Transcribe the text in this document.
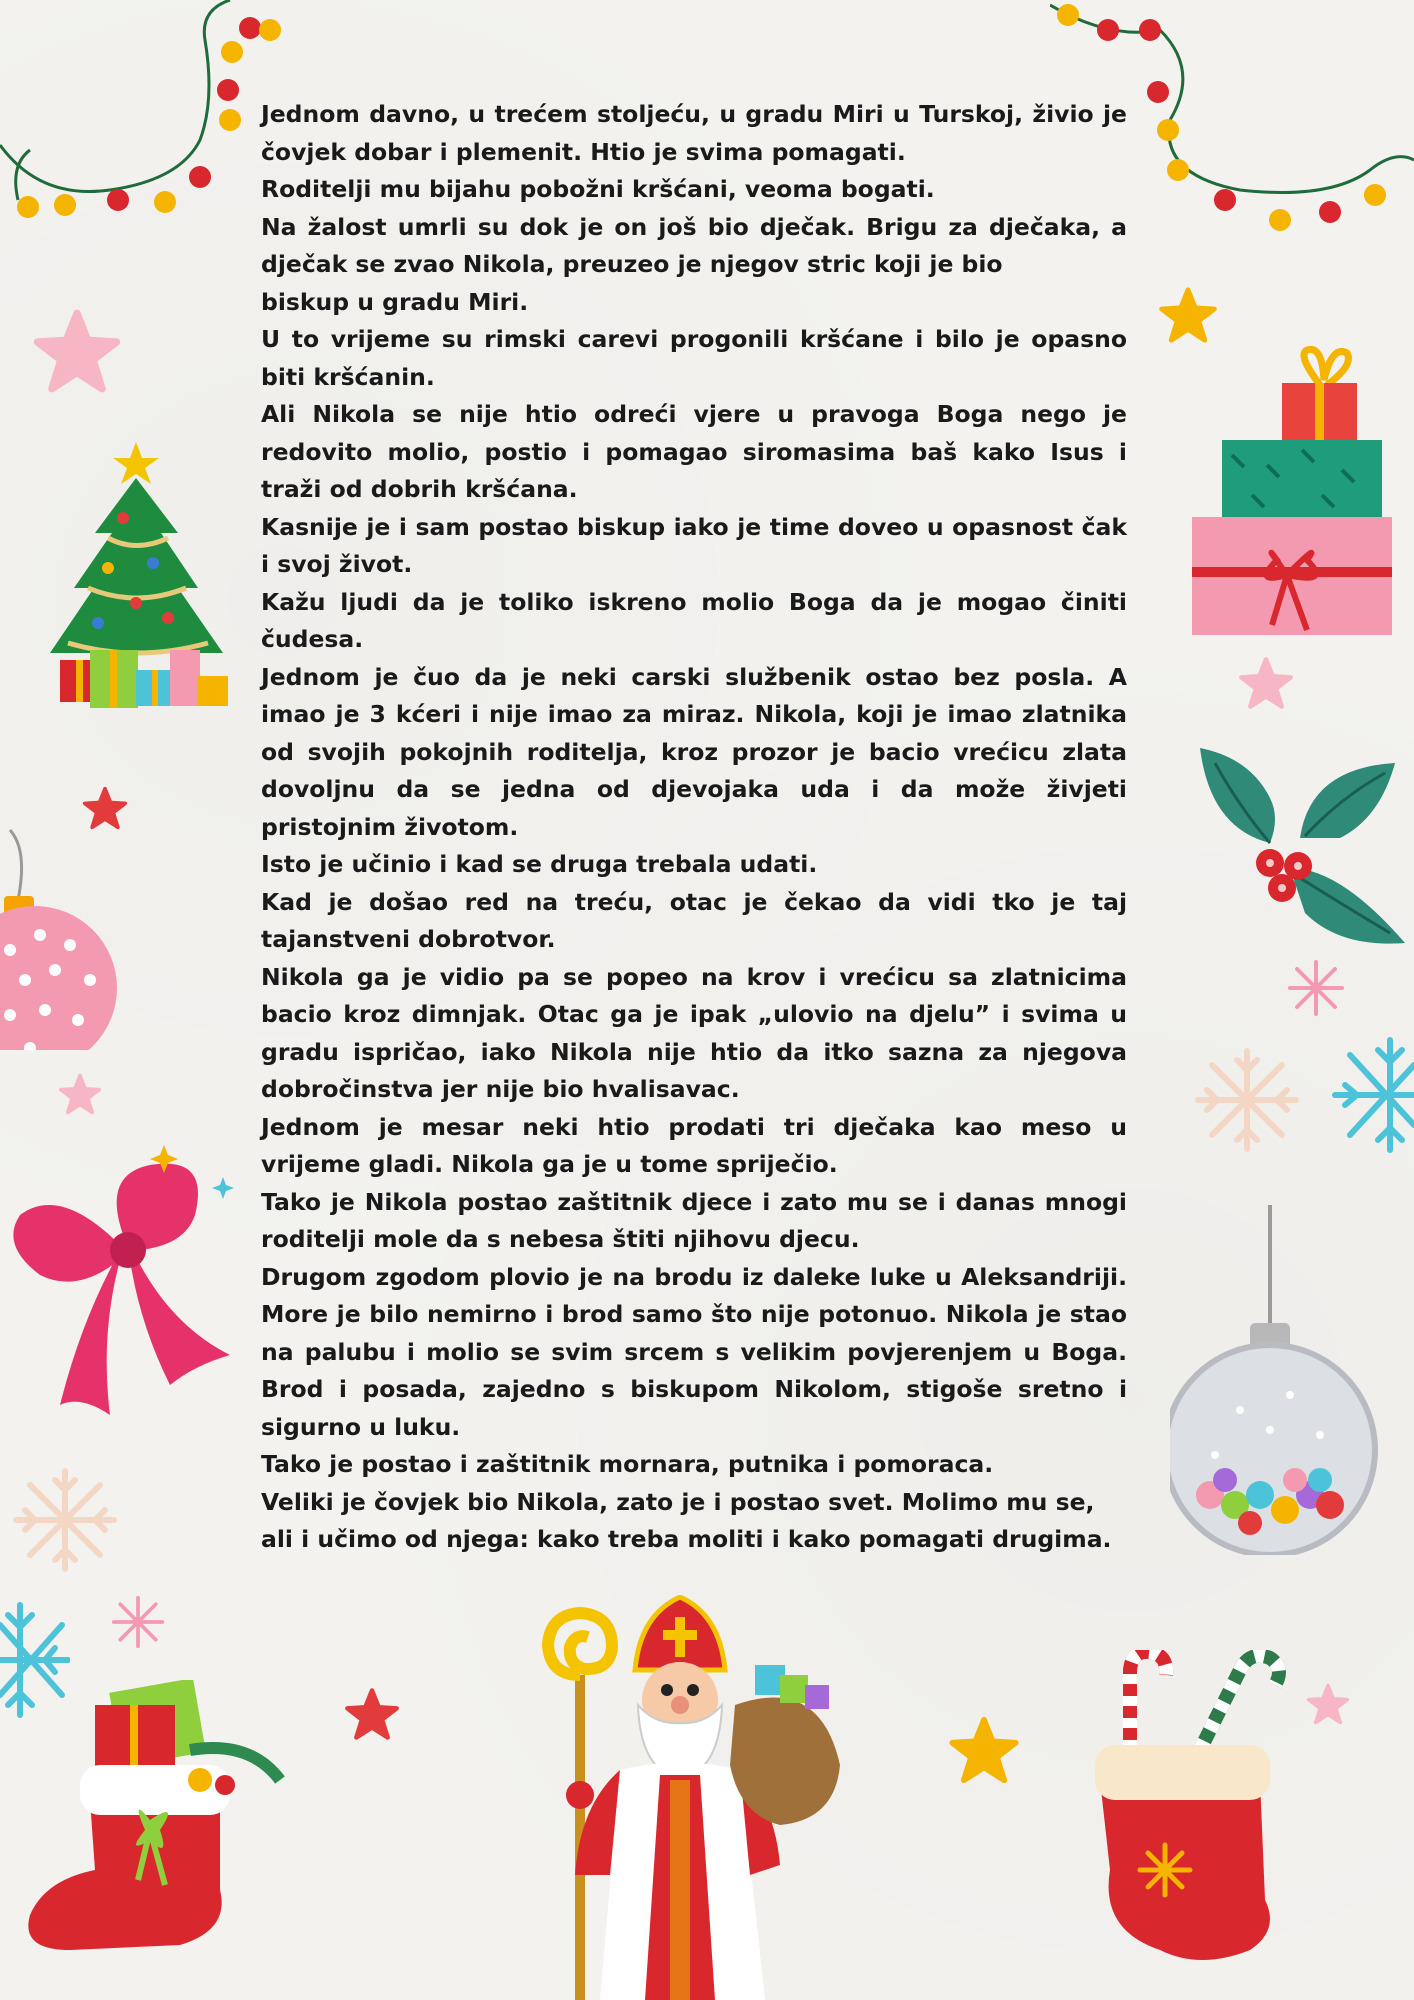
Jednom davno, u trećem stoljeću, u gradu Miri u Turskoj, živio je čovjek dobar i plemenit. Htio je svima pomagati.

Roditelji mu bijahu pobožni kršćani, veoma bogati.

Na žalost umrli su dok je on još bio dječak. Brigu za dječaka, a dječak se zvao Nikola, preuzeo je njegov stric koji je bio

biskup u gradu Miri.

U to vrijeme su rimski carevi progonili kršćane i bilo je opasno biti kršćanin.

Ali Nikola se nije htio odreći vjere u pravoga Boga nego je redovito molio, postio i pomagao siromasima baš kako Isus i traži od dobrih kršćana.

Kasnije je i sam postao biskup iako je time doveo u opasnost čak i svoj život.

Kažu ljudi da je toliko iskreno molio Boga da je mogao činiti čudesa.

Jednom je čuo da je neki carski službenik ostao bez posla. A imao je 3 kćeri i nije imao za miraz. Nikola, koji je imao zlatnika od svojih pokojnih roditelja, kroz prozor je bacio vrećicu zlata dovoljnu da se jedna od djevojaka uda i da može živjeti pristojnim životom.

Isto je učinio i kad se druga trebala udati.

Kad je došao red na treću, otac je čekao da vidi tko je taj tajanstveni dobrotvor.

Nikola ga je vidio pa se popeo na krov i vrećicu sa zlatnicima bacio kroz dimnjak. Otac ga je ipak „ulovio na djelu” i svima u gradu ispričao, iako Nikola nije htio da itko sazna za njegova dobročinstva jer nije bio hvalisavac.

Jednom je mesar neki htio prodati tri dječaka kao meso u vrijeme gladi. Nikola ga je u tome spriječio.

Tako je Nikola postao zaštitnik djece i zato mu se i danas mnogi roditelji mole da s nebesa štiti njihovu djecu.

Drugom zgodom plovio je na brodu iz daleke luke u Aleksandriji. More je bilo nemirno i brod samo što nije potonuo. Nikola je stao na palubu i molio se svim srcem s velikim povjerenjem u Boga. Brod i posada, zajedno s biskupom Nikolom, stigoše sretno i sigurno u luku.

Tako je postao i zaštitnik mornara, putnika i pomoraca.

Veliki je čovjek bio Nikola, zato je i postao svet. Molimo mu se, ali i učimo od njega: kako treba moliti i kako pomagati drugima.
